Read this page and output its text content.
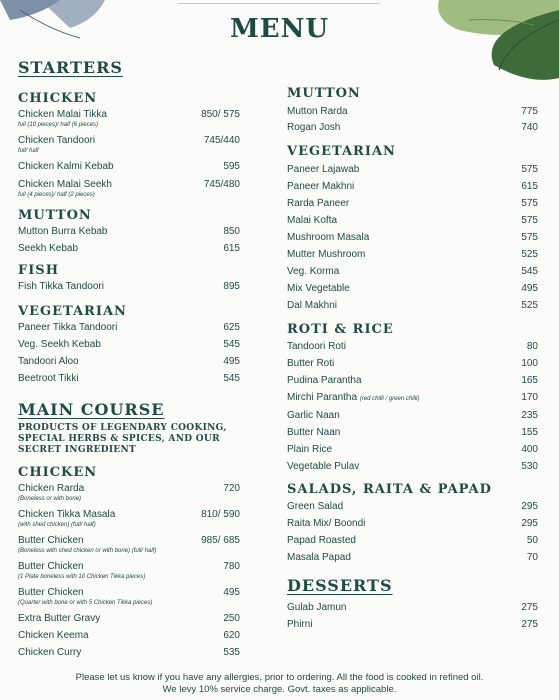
MENU
STARTERS
CHICKEN
Chicken Malai Tikka	850/ 575
full (10 pieces)/ half (6 pieces)
Chicken Tandoori	745/440
full/ half
Chicken Kalmi Kebab	595
Chicken Malai Seekh	745/480
full (4 pieces)/ half (2 pieces)
MUTTON
Mutton Burra Kebab	850
Seekh Kebab	615
FISH
Fish Tikka Tandoori	895
VEGETARIAN
Paneer Tikka Tandoori	625
Veg. Seekh Kebab	545
Tandoori Aloo	495
Beetroot Tikki	545
MAIN COURSE
PRODUCTS OF LEGENDARY COOKING, SPECIAL HERBS & SPICES, AND OUR SECRET INGREDIENT
CHICKEN
Chicken Rarda	720
(Boneless or with bone)
Chicken Tikka Masala	810/ 590
(with shed chicken) (full/ half)
Butter Chicken	985/ 685
(Boneless with shed chicken or with bone) (full/ half)
Butter Chicken	780
(1 Plate boneless with 10 Chicken Tikka pieces)
Butter Chicken	495
(Quarter with bone or with 5 Chicken Tikka pieces)
Extra Butter Gravy	250
Chicken Keema	620
Chicken Curry	535
MUTTON
Mutton Rarda	775
Rogan Josh	740
VEGETARIAN
Paneer Lajawab	575
Paneer Makhni	615
Rarda Paneer	575
Malai Kofta	575
Mushroom Masala	575
Mutter Mushroom	525
Veg. Korma	545
Mix Vegetable	495
Dal Makhni	525
ROTI & RICE
Tandoori Roti	80
Butter Roti	100
Pudina Parantha	165
Mirchi Parantha (red chilli / green chilli)	170
Garlic Naan	235
Butter Naan	155
Plain Rice	400
Vegetable Pulav	530
SALADS, RAITA & PAPAD
Green Salad	295
Raita Mix/ Boondi	295
Papad Roasted	50
Masala Papad	70
DESSERTS
Gulab Jamun	275
Phirni	275
Please let us know if you have any allergies, prior to ordering. All the food is cooked in refined oil.
We levy 10% service charge. Govt. taxes as applicable.
